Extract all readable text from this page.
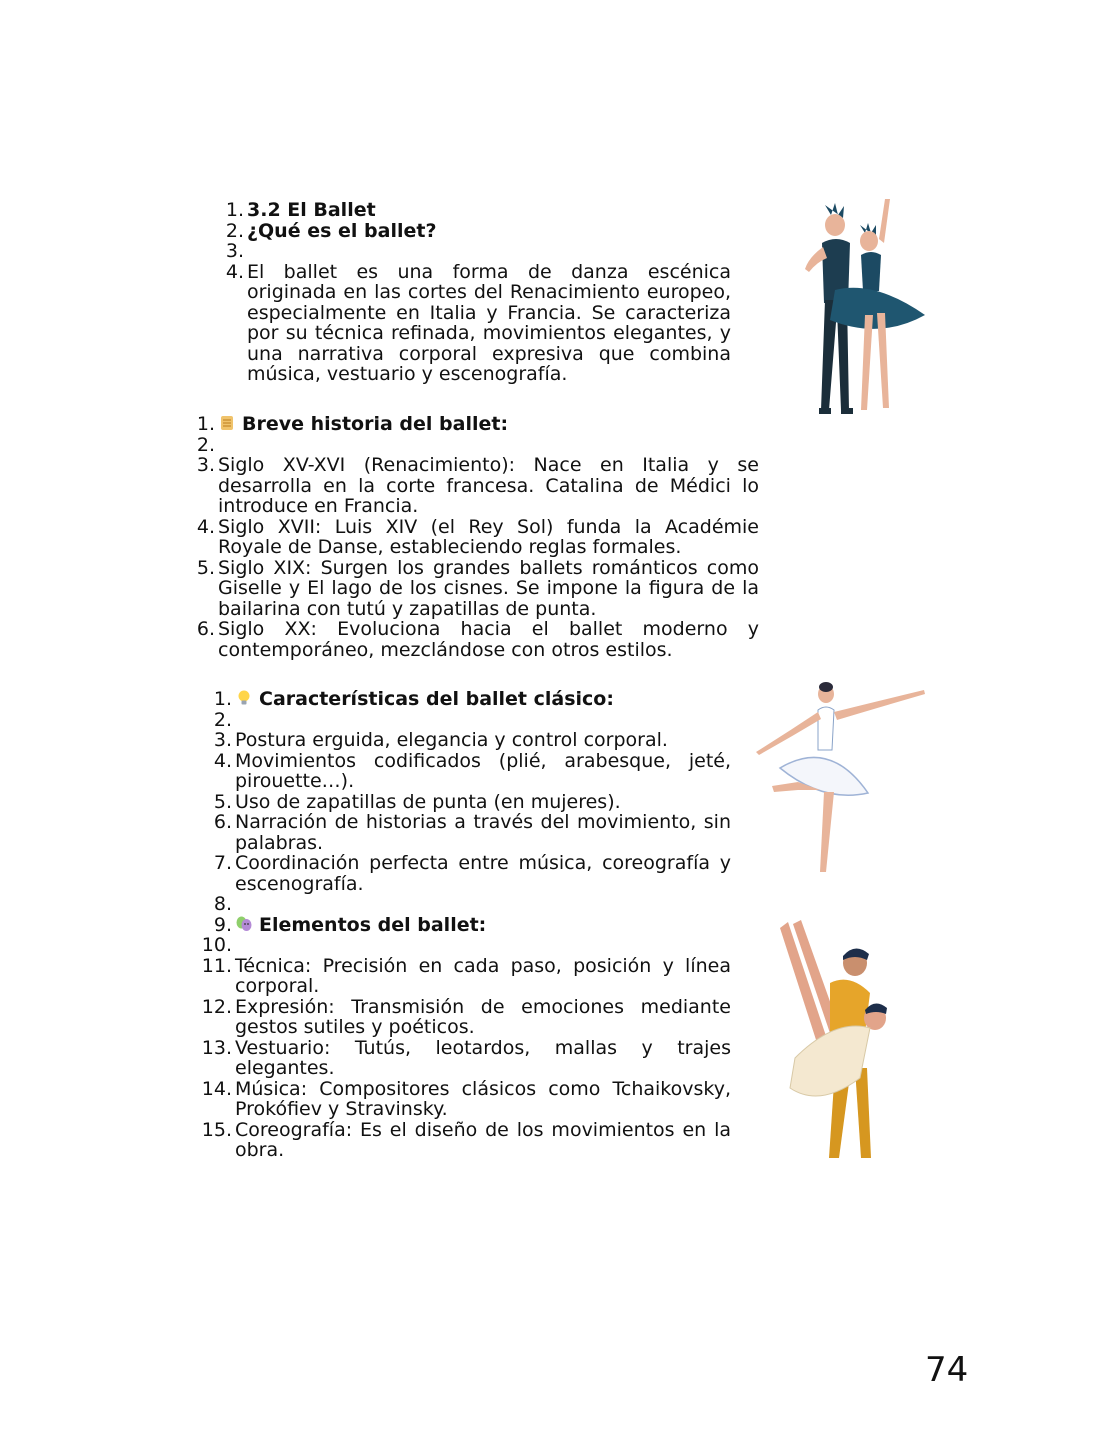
1. 3.2 El Ballet
2. ¿Qué es el ballet?
3.
4. El ballet es una forma de danza escénica originada en las cortes del Renacimiento europeo, especialmente en Italia y Francia. Se caracteriza por su técnica refinada, movimientos elegantes, y una narrativa corporal expresiva que combina música, vestuario y escenografía.
1.	Breve historia del ballet:
2.
3. Siglo XV-XVI (Renacimiento): Nace en Italia y se desarrolla en la corte francesa. Catalina de Médici lo introduce en Francia.
4. Siglo XVII: Luis XIV (el Rey Sol) funda la Académie Royale de Danse, estableciendo reglas formales.
5. Siglo XIX: Surgen los grandes ballets románticos como Giselle y El lago de los cisnes. Se impone la figura de la bailarina con tutú y zapatillas de punta.
6. Siglo XX: Evoluciona hacia el ballet moderno y contemporáneo, mezclándose con otros estilos.
1.	Características del ballet clásico:
2.
3. Postura erguida, elegancia y control corporal.
4. Movimientos codificados (plié, arabesque, jeté, pirouette…).
5. Uso de zapatillas de punta (en mujeres).
6. Narración de historias a través del movimiento, sin palabras.
7. Coordinación perfecta entre música, coreografía y escenografía.
8.
9.	Elementos del ballet:
10.
11. Técnica: Precisión en cada paso, posición y línea corporal.
12. Expresión: Transmisión de emociones mediante gestos sutiles y poéticos.
13. Vestuario: Tutús, leotardos, mallas y trajes elegantes.
14. Música: Compositores clásicos como Tchaikovsky, Prokófiev y Stravinsky.
15. Coreografía: Es el diseño de los movimientos en la obra.
74
